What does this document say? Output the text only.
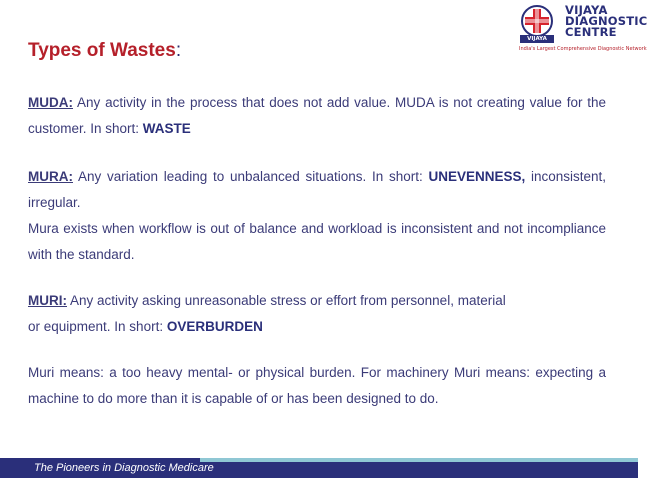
Types of Wastes:
VIJAYA
VIJAYA
DIAGNOSTIC
CENTRE
India's Largest Comprehensive Diagnostic Network

MUDA: Any activity in the process that does not add value. MUDA is not creating value for the customer. In short: WASTE

MURA: Any variation leading to unbalanced situations. In short: UNEVENNESS, inconsistent, irregular.

Mura exists when workflow is out of balance and workload is inconsistent and not incompliance with the standard.

MURI: Any activity asking unreasonable stress or effort from personnel, material
or equipment. In short: OVERBURDEN

Muri means: a too heavy mental- or physical burden. For machinery Muri means: expecting a machine to do more than it is capable of or has been designed to do.

The Pioneers in Diagnostic Medicare
